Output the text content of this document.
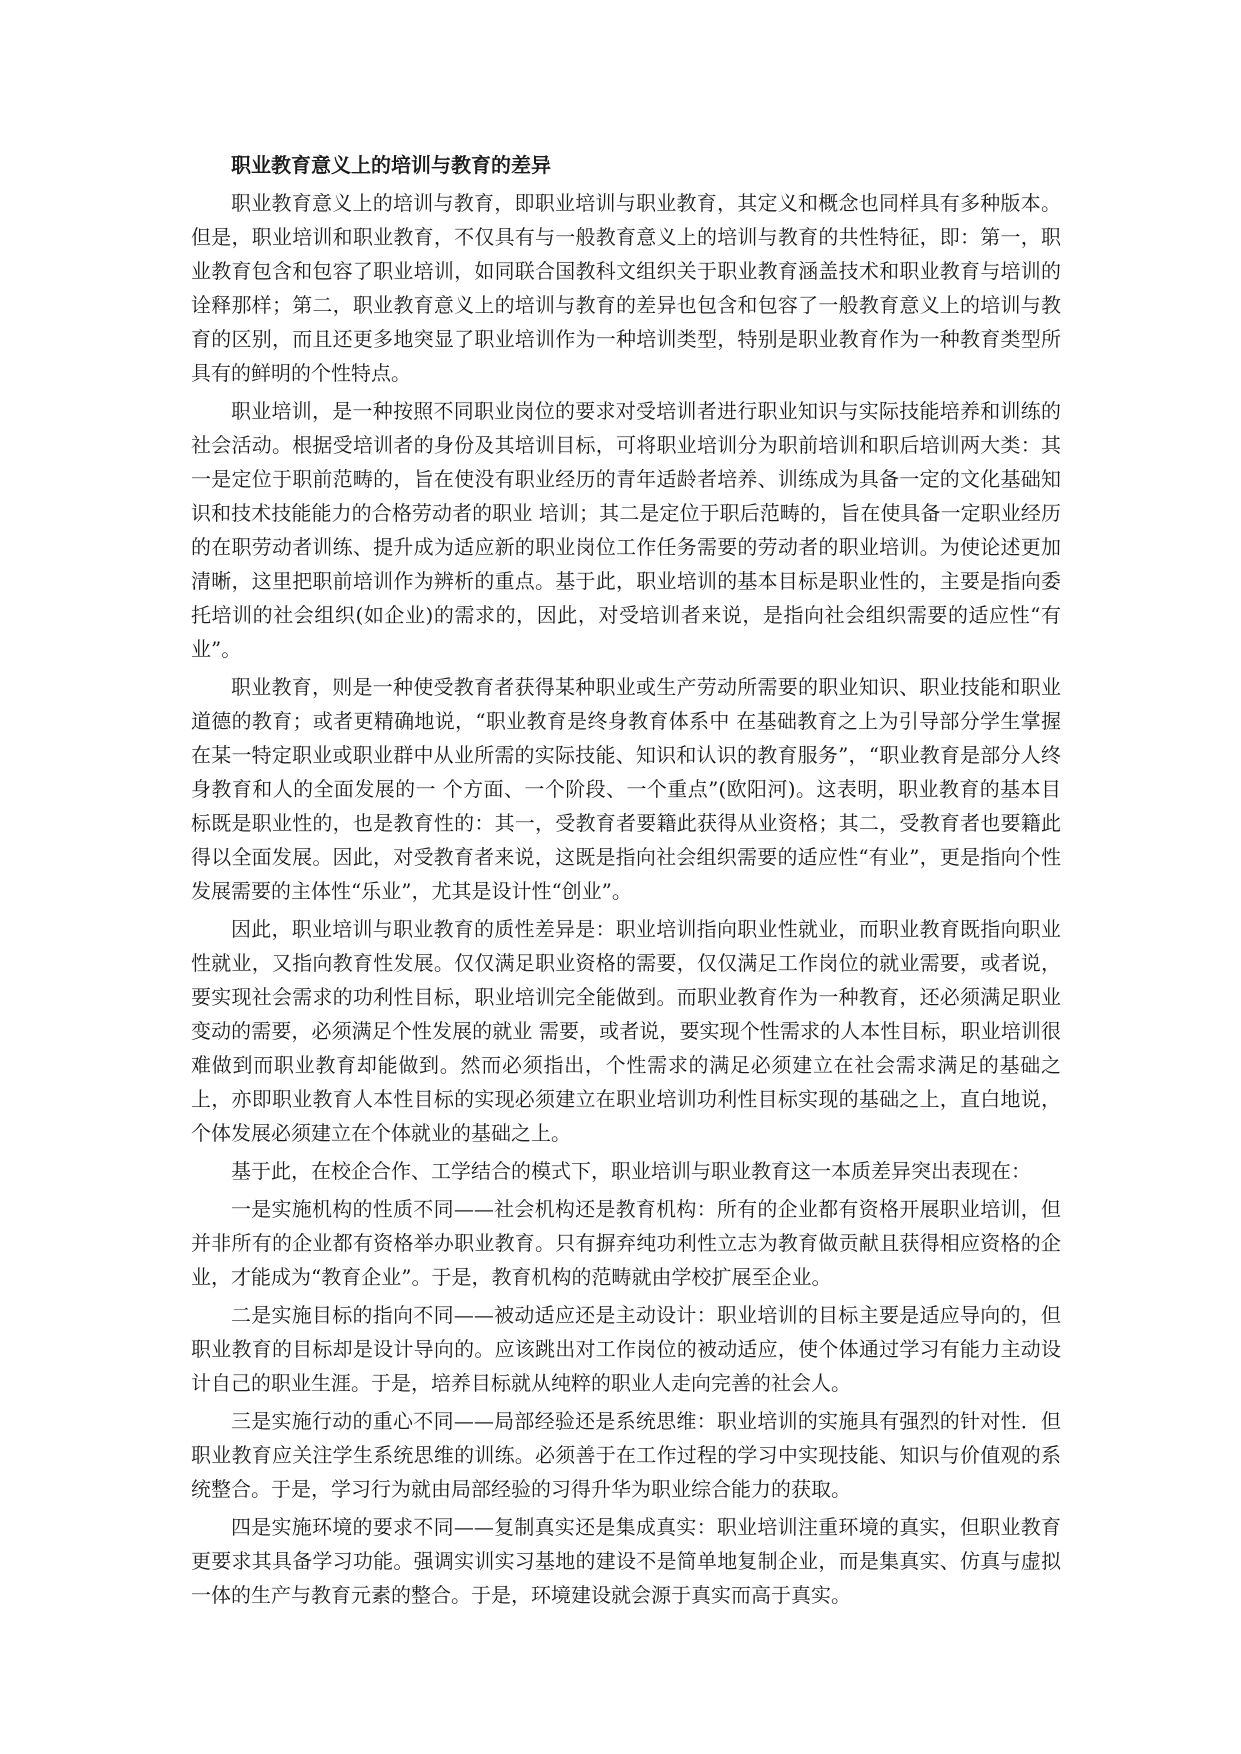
职业教育意义上的培训与教育的差异

职业教育意义上的培训与教育，即职业培训与职业教育，其定义和概念也同样具有多种版本。但是，职业培训和职业教育，不仅具有与一般教育意义上的培训与教育的共性特征，即：第一，职业教育包含和包容了职业培训，如同联合国教科文组织关于职业教育涵盖技术和职业教育与培训的诠释那样；第二，职业教育意义上的培训与教育的差异也包含和包容了一般教育意义上的培训与教育的区别，而且还更多地突显了职业培训作为一种培训类型，特别是职业教育作为一种教育类型所具有的鲜明的个性特点。

职业培训，是一种按照不同职业岗位的要求对受培训者进行职业知识与实际技能培养和训练的社会活动。根据受培训者的身份及其培训目标，可将职业培训分为职前培训和职后培训两大类：其一是定位于职前范畴的，旨在使没有职业经历的青年适龄者培养、训练成为具备一定的文化基础知识和技术技能能力的合格劳动者的职业 培训；其二是定位于职后范畴的，旨在使具备一定职业经历的在职劳动者训练、提升成为适应新的职业岗位工作任务需要的劳动者的职业培训。为使论述更加清晰，这里把职前培训作为辨析的重点。基于此，职业培训的基本目标是职业性的，主要是指向委托培训的社会组织(如企业)的需求的，因此，对受培训者来说，是指向社会组织需要的适应性“有业”。

职业教育，则是一种使受教育者获得某种职业或生产劳动所需要的职业知识、职业技能和职业道德的教育；或者更精确地说，“职业教育是终身教育体系中 在基础教育之上为引导部分学生掌握在某一特定职业或职业群中从业所需的实际技能、知识和认识的教育服务”，“职业教育是部分人终身教育和人的全面发展的一 个方面、一个阶段、一个重点”(欧阳河)。这表明，职业教育的基本目标既是职业性的，也是教育性的：其一，受教育者要籍此获得从业资格；其二，受教育者也要籍此得以全面发展。因此，对受教育者来说，这既是指向社会组织需要的适应性“有业”，更是指向个性发展需要的主体性“乐业”，尤其是设计性“创业”。

因此，职业培训与职业教育的质性差异是：职业培训指向职业性就业，而职业教育既指向职业性就业，又指向教育性发展。仅仅满足职业资格的需要，仅仅满足工作岗位的就业需要，或者说，要实现社会需求的功利性目标，职业培训完全能做到。而职业教育作为一种教育，还必须满足职业变动的需要，必须满足个性发展的就业 需要，或者说，要实现个性需求的人本性目标，职业培训很难做到而职业教育却能做到。然而必须指出，个性需求的满足必须建立在社会需求满足的基础之上，亦即职业教育人本性目标的实现必须建立在职业培训功利性目标实现的基础之上，直白地说，个体发展必须建立在个体就业的基础之上。

基于此，在校企合作、工学结合的模式下，职业培训与职业教育这一本质差异突出表现在：

一是实施机构的性质不同——社会机构还是教育机构：所有的企业都有资格开展职业培训，但并非所有的企业都有资格举办职业教育。只有摒弃纯功利性立志为教育做贡献且获得相应资格的企业，才能成为“教育企业”。于是，教育机构的范畴就由学校扩展至企业。

二是实施目标的指向不同——被动适应还是主动设计：职业培训的目标主要是适应导向的，但职业教育的目标却是设计导向的。应该跳出对工作岗位的被动适应，使个体通过学习有能力主动设计自己的职业生涯。于是，培养目标就从纯粹的职业人走向完善的社会人。

三是实施行动的重心不同——局部经验还是系统思维：职业培训的实施具有强烈的针对性．但职业教育应关注学生系统思维的训练。必须善于在工作过程的学习中实现技能、知识与价值观的系统整合。于是，学习行为就由局部经验的习得升华为职业综合能力的获取。

四是实施环境的要求不同——复制真实还是集成真实：职业培训注重环境的真实，但职业教育更要求其具备学习功能。强调实训实习基地的建设不是简单地复制企业，而是集真实、仿真与虚拟一体的生产与教育元素的整合。于是，环境建设就会源于真实而高于真实。
